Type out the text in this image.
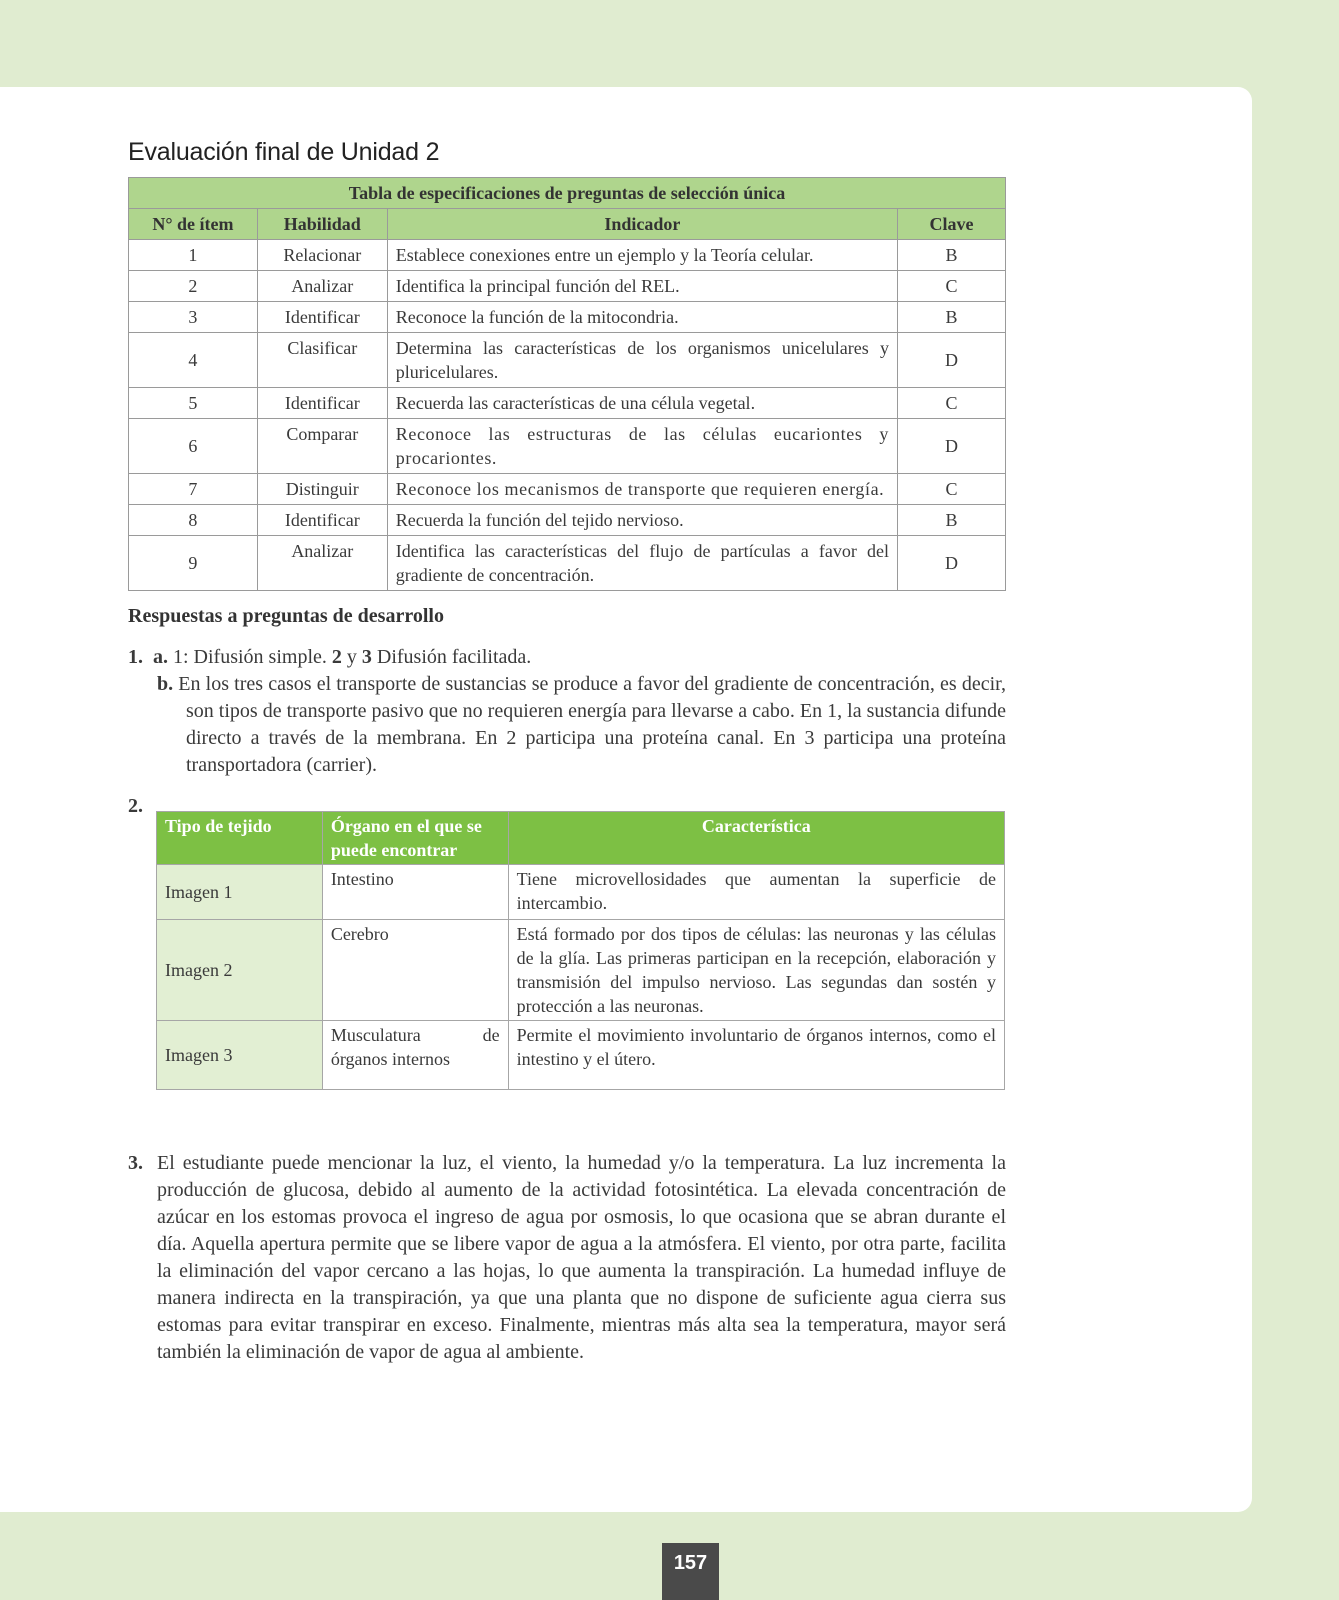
Evaluación final de Unidad 2
Tabla de especificaciones de preguntas de selección única			
N° de ítem	Habilidad	Indicador	Clave
1	Relacionar	Establece conexiones entre un ejemplo y la Teoría celular.	B
2	Analizar	Identifica la principal función del REL.	C
3	Identificar	Reconoce la función de la mitocondria.	B
4	Clasificar	Determina las características de los organismos unicelulares y pluricelulares.	D
5	Identificar	Recuerda las características de una célula vegetal.	C
6	Comparar	Reconoce las estructuras de las células eucariontes y procariontes.	D
7	Distinguir	Reconoce los mecanismos de transporte que requieren energía.	C
8	Identificar	Recuerda la función del tejido nervioso.	B
9	Analizar	Identifica las características del flujo de partículas a favor del gradiente de concentración.	D
Respuestas a preguntas de desarrollo

1. a. 1: Difusión simple. 2 y 3 Difusión facilitada.

b. En los tres casos el transporte de sustancias se produce a favor del gradiente de concentración, es decir, son tipos de transporte pasivo que no requieren energía para llevarse a cabo. En 1, la sustancia difunde directo a través de la membrana. En 2 participa una proteína canal. En 3 participa una proteína transportadora (carrier).

2.
Tipo de tejido	Órgano en el que se puede encontrar	Característica
Imagen 1	Intestino	Tiene microvellosidades que aumentan la superficie de intercambio.
Imagen 2	Cerebro	Está formado por dos tipos de células: las neuronas y las células de la glía. Las primeras participan en la recepción, elaboración y transmisión del impulso nervioso. Las segundas dan sostén y protección a las neuronas.
Imagen 3	Musculatura de órganos internos	Permite el movimiento involuntario de órganos internos, como el intestino y el útero.
3. El estudiante puede mencionar la luz, el viento, la humedad y/o la temperatura. La luz incrementa la producción de glucosa, debido al aumento de la actividad fotosintética. La elevada concentración de azúcar en los estomas provoca el ingreso de agua por osmosis, lo que ocasiona que se abran durante el día. Aquella apertura permite que se libere vapor de agua a la atmósfera. El viento, por otra parte, facilita la eliminación del vapor cercano a las hojas, lo que aumenta la transpiración. La humedad influye de manera indirecta en la transpiración, ya que una planta que no dispone de suficiente agua cierra sus estomas para evitar transpirar en exceso. Finalmente, mientras más alta sea la temperatura, mayor será también la eliminación de vapor de agua al ambiente.
157
